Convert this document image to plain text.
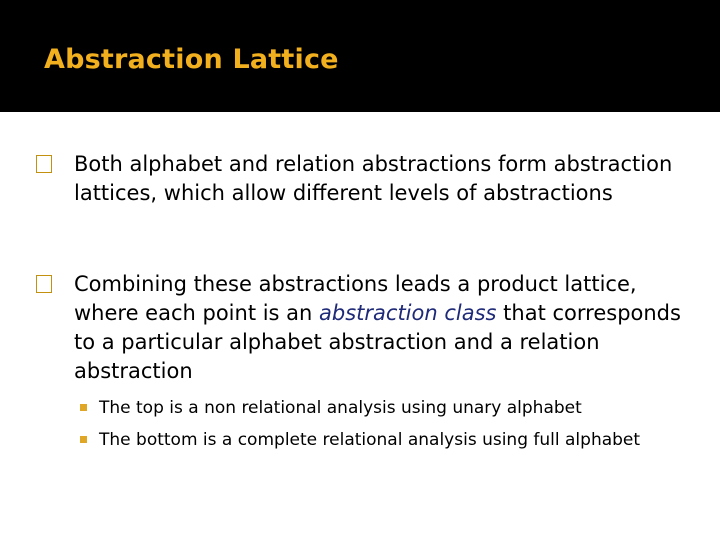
Abstraction Lattice
Both alphabet and relation abstractions form abstraction lattices, which allow different levels of abstractions
Combining these abstractions leads a product lattice, where each point is an abstraction class that corresponds to a particular alphabet abstraction and a relation abstraction
The top is a non relational analysis using unary alphabet
The bottom is a complete relational analysis using full alphabet
